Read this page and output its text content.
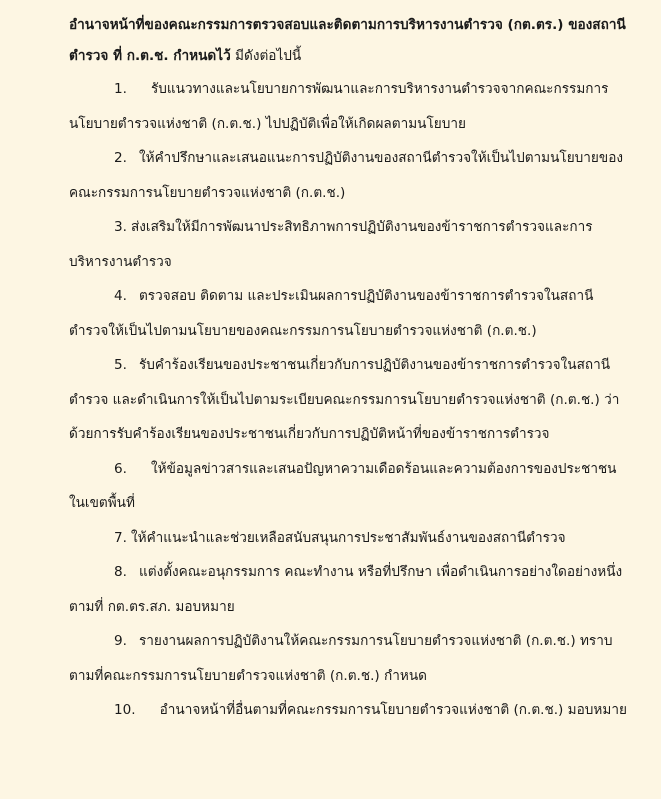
อำนาจหน้าที่ของคณะกรรมการตรวจสอบและติดตามการบริหารงานตำรวจ (กต.ตร.) ของสถานีตำรวจ ที่ ก.ต.ช. กำหนดไว้ มีดังต่อไปนี้

1. รับแนวทางและนโยบายการพัฒนาและการบริหารงานตำรวจจากคณะกรรมการนโยบายตำรวจแห่งชาติ (ก.ต.ช.) ไปปฏิบัติเพื่อให้เกิดผลตามนโยบาย
2. ให้คำปรึกษาและเสนอแนะการปฏิบัติงานของสถานีตำรวจให้เป็นไปตามนโยบายของคณะกรรมการนโยบายตำรวจแห่งชาติ (ก.ต.ช.)
3. ส่งเสริมให้มีการพัฒนาประสิทธิภาพการปฏิบัติงานของข้าราชการตำรวจและการบริหารงานตำรวจ
4. ตรวจสอบ ติดตาม และประเมินผลการปฏิบัติงานของข้าราชการตำรวจในสถานีตำรวจให้เป็นไปตามนโยบายของคณะกรรมการนโยบายตำรวจแห่งชาติ (ก.ต.ช.)
5. รับคำร้องเรียนของประชาชนเกี่ยวกับการปฏิบัติงานของข้าราชการตำรวจในสถานีตำรวจ และดำเนินการให้เป็นไปตามระเบียบคณะกรรมการนโยบายตำรวจแห่งชาติ (ก.ต.ช.) ว่าด้วยการรับคำร้องเรียนของประชาชนเกี่ยวกับการปฏิบัติหน้าที่ของข้าราชการตำรวจ
6. ให้ข้อมูลข่าวสารและเสนอปัญหาความเดือดร้อนและความต้องการของประชาชนในเขตพื้นที่
7. ให้คำแนะนำและช่วยเหลือสนับสนุนการประชาสัมพันธ์งานของสถานีตำรวจ
8. แต่งตั้งคณะอนุกรรมการ คณะทำงาน หรือที่ปรึกษา เพื่อดำเนินการอย่างใดอย่างหนึ่ง ตามที่ กต.ตร.สภ. มอบหมาย
9. รายงานผลการปฏิบัติงานให้คณะกรรมการนโยบายตำรวจแห่งชาติ (ก.ต.ช.) ทราบ ตามที่คณะกรรมการนโยบายตำรวจแห่งชาติ (ก.ต.ช.) กำหนด
10. อำนาจหน้าที่อื่นตามที่คณะกรรมการนโยบายตำรวจแห่งชาติ (ก.ต.ช.) มอบหมาย
